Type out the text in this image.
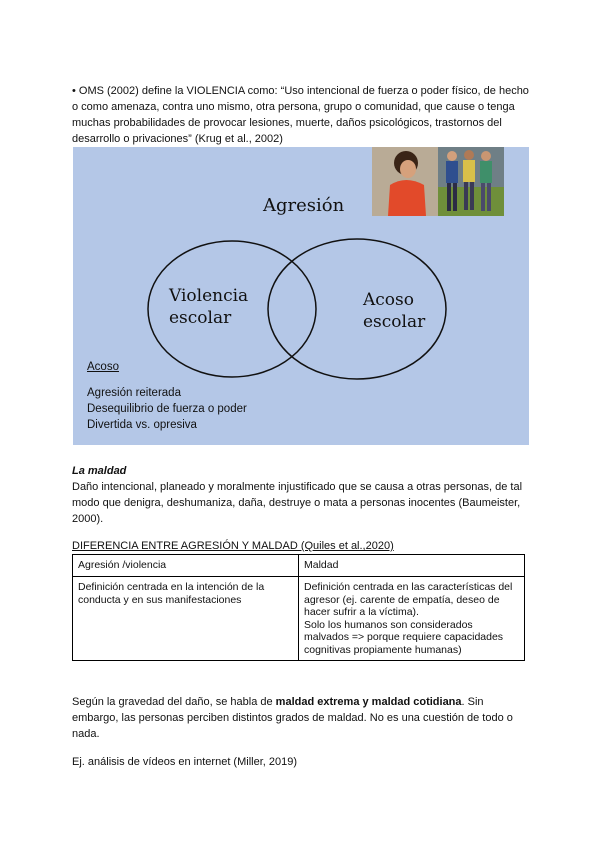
• OMS (2002) define la VIOLENCIA como: “Uso intencional de fuerza o poder físico, de hecho o como amenaza, contra uno mismo, otra persona, grupo o comunidad, que cause o tenga muchas probabilidades de provocar lesiones, muerte, daños psicológicos, trastornos del desarrollo o privaciones” (Krug et al., 2002)

Agresión
Violencia
escolar
Acoso
escolar
Acoso
Agresión reiterada
Desequilibrio de fuerza o poder
Divertida vs. opresiva
La maldad
Daño intencional, planeado y moralmente injustificado que se causa a otras personas, de tal modo que denigra, deshumaniza, daña, destruye o mata a personas inocentes (Baumeister, 2000).
DIFERENCIA ENTRE AGRESIÓN Y MALDAD (Quiles et al.,2020)
Agresión /violencia	Maldad
Definición centrada en la intención de la conducta y en sus manifestaciones	Definición centrada en las características del agresor (ej. carente de empatía, deseo de hacer sufrir a la víctima).
Solo los humanos son considerados malvados => porque requiere capacidades cognitivas propiamente humanas)

Según la gravedad del daño, se habla de maldad extrema y maldad cotidiana. Sin embargo, las personas perciben distintos grados de maldad. No es una cuestión de todo o nada.

Ej. análisis de vídeos en internet (Miller, 2019)
